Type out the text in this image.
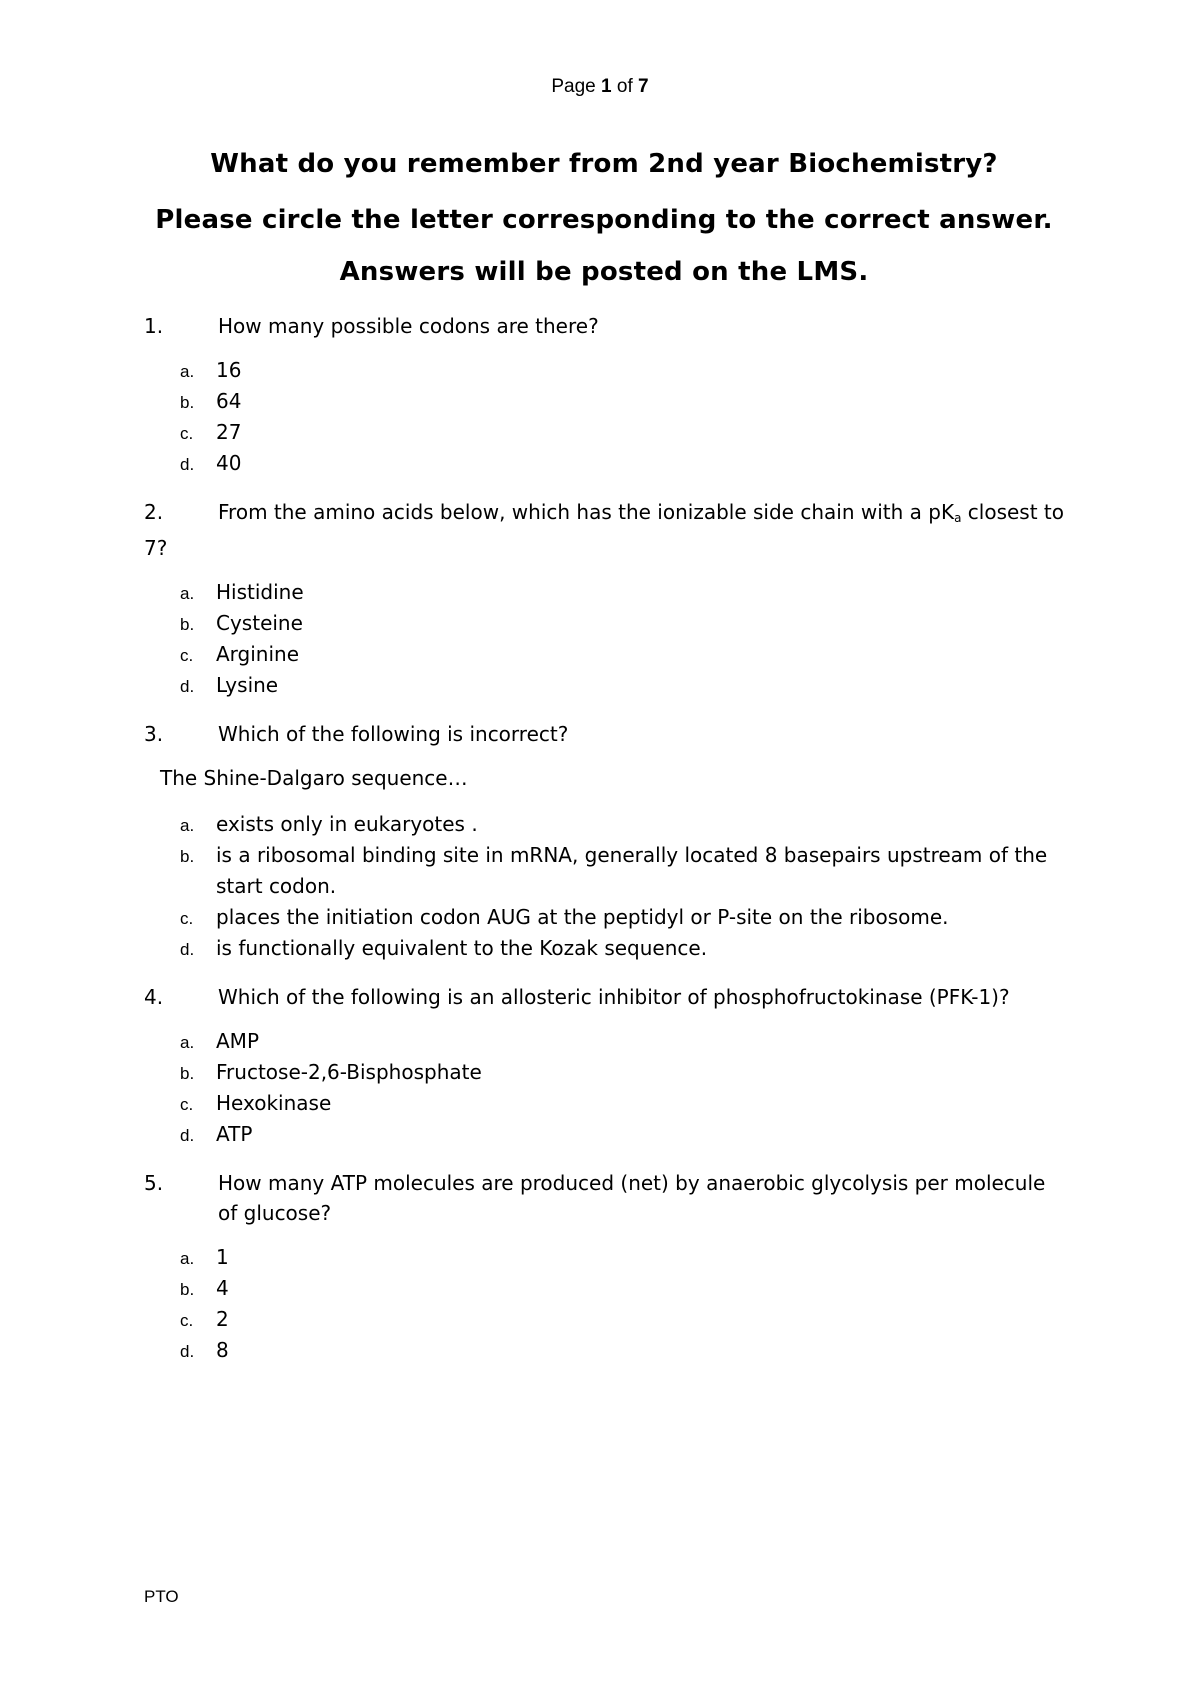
Page 1 of 7
What do you remember from 2nd year Biochemistry?
Please circle the letter corresponding to the correct answer.
Answers will be posted on the LMS.
1.	How many possible codons are there?
a. 16
b. 64
c. 27
d. 40
2.	From the amino acids below, which has the ionizable side chain with a $pK_a$ closest to 7?
a. Histidine
b. Cysteine
c. Arginine
d. Lysine
3.	Which of the following is incorrect?
The Shine-Dalgaro sequence…
a. exists only in eukaryotes .
b. is a ribosomal binding site in mRNA, generally located 8 basepairs upstream of the start codon.
c. places the initiation codon AUG at the peptidyl or P-site on the ribosome.
d. is functionally equivalent to the Kozak sequence.
4.	Which of the following is an allosteric inhibitor of phosphofructokinase (PFK-1)?
a. AMP
b. Fructose-2,6-Bisphosphate
c. Hexokinase
d. ATP
5.	How many ATP molecules are produced (net) by anaerobic glycolysis per molecule of glucose?
a. 1
b. 4
c. 2
d. 8
PTO
